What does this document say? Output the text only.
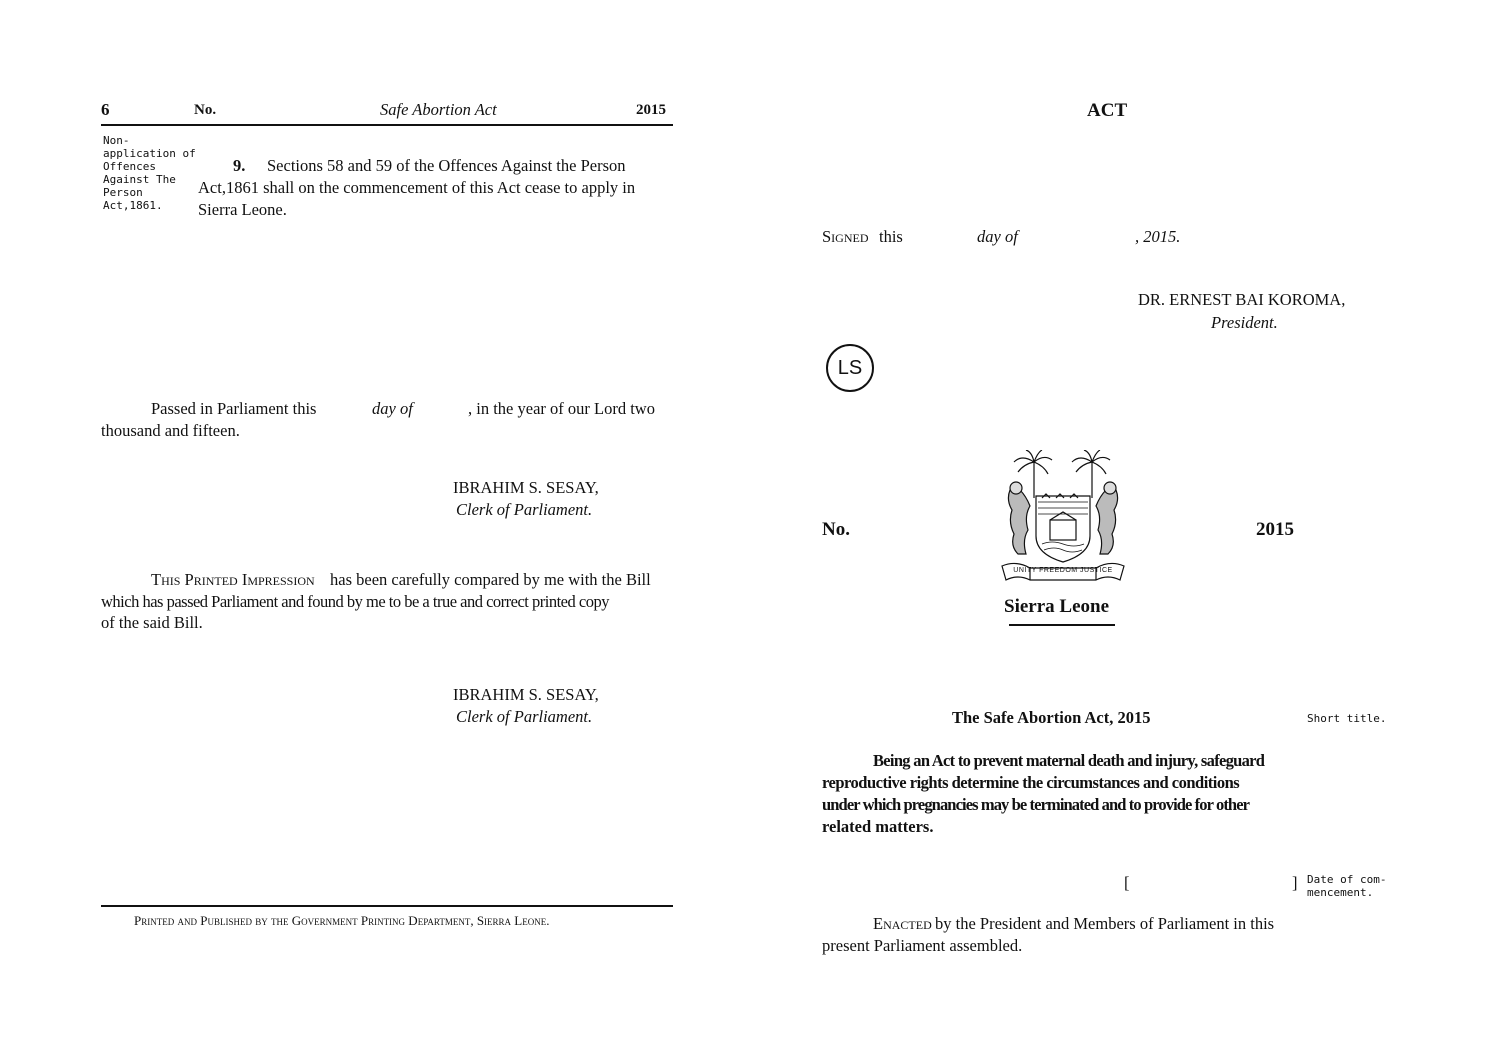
6	No.	Safe Abortion Act	2015
Non-
application of
Offences
Against The
Person
Act,1861.
9. Sections 58 and 59 of the Offences Against the Person
Act,1861 shall on the commencement of this Act cease to apply in
Sierra Leone.
Passed in Parliament this	day of	, in the year of our Lord two
thousand and fifteen.
IBRAHIM S. SESAY,
Clerk of Parliament.
This Printed Impression has been carefully compared by me with the Bill
which has passed Parliament and found by me to be a true and correct printed copy
of the said Bill.
IBRAHIM S. SESAY,
Clerk of Parliament.
Printed and Published by the Government Printing Department, Sierra Leone.
ACT
Signed this	day of	, 2015.
DR. ERNEST BAI KOROMA,
President.
LS
No.	2015
UNITY FREEDOM JUSTICE
Sierra Leone
The Safe Abortion Act, 2015	Short title.
Being an Act to prevent maternal death and injury, safeguard
reproductive rights determine the circumstances and conditions
under which pregnancies may be terminated and to provide for other
related matters.
[	] Date of com-
mencement.
Enacted by the President and Members of Parliament in this
present Parliament assembled.
